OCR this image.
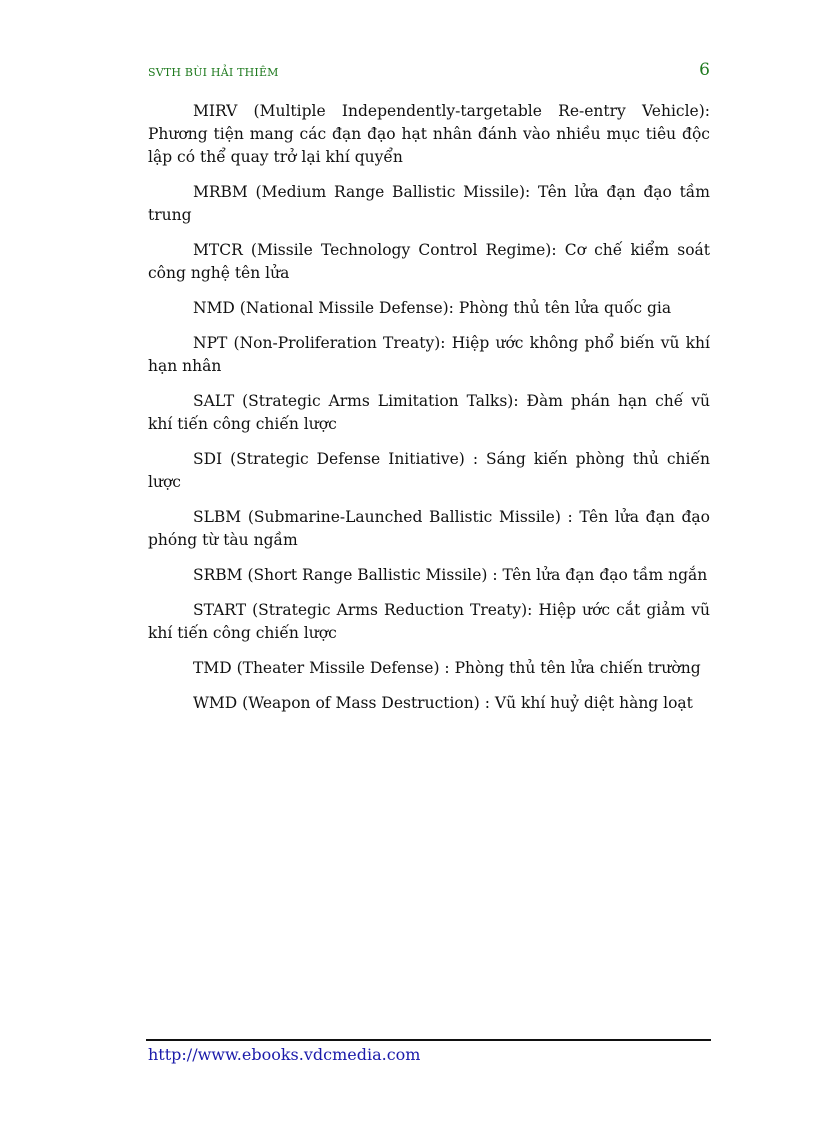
SVTH BÙI HẢI THIÊM	6

MIRV (Multiple Independently-targetable Re-entry Vehicle): Phương tiện mang các đạn đạo hạt nhân đánh vào nhiều mục tiêu độc lập có thể quay trở lại khí quyển

MRBM (Medium Range Ballistic Missile): Tên lửa đạn đạo tầm trung

MTCR (Missile Technology Control Regime): Cơ chế kiểm soát công nghệ tên lửa

NMD (National Missile Defense): Phòng thủ tên lửa quốc gia

NPT (Non-Proliferation Treaty): Hiệp ước không phổ biến vũ khí hạn nhân

SALT (Strategic Arms Limitation Talks): Đàm phán hạn chế vũ khí tiến công chiến lược

SDI (Strategic Defense Initiative) : Sáng kiến phòng thủ chiến lược

SLBM (Submarine-Launched Ballistic Missile) : Tên lửa đạn đạo phóng từ tàu ngầm

SRBM (Short Range Ballistic Missile) : Tên lửa đạn đạo tầm ngắn

START (Strategic Arms Reduction Treaty): Hiệp ước cắt giảm vũ khí tiến công chiến lược

TMD (Theater Missile Defense) : Phòng thủ tên lửa chiến trường

WMD (Weapon of Mass Destruction) : Vũ khí huỷ diệt hàng loạt

http://www.ebooks.vdcmedia.com
